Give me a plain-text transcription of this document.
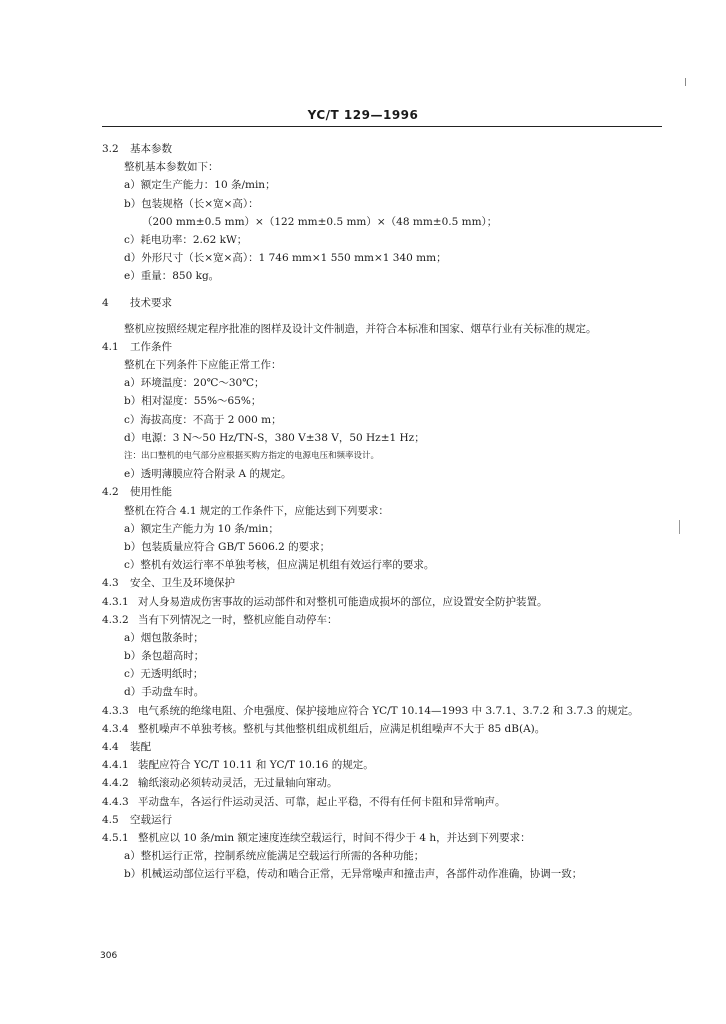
YC/T 129—1996
3.2 基本参数
整机基本参数如下：
a）额定生产能力：10 条/min；
b）包装规格（长×宽×高）：
（200 mm±0.5 mm）×（122 mm±0.5 mm）×（48 mm±0.5 mm）；
c）耗电功率：2.62 kW；
d）外形尺寸（长×宽×高）：1 746 mm×1 550 mm×1 340 mm；
e）重量：850 kg。
4 技术要求
整机应按照经规定程序批准的图样及设计文件制造，并符合本标准和国家、烟草行业有关标准的规定。
4.1 工作条件
整机在下列条件下应能正常工作：
a）环境温度：20℃～30℃；
b）相对湿度：55%～65%；
c）海拔高度：不高于 2 000 m；
d）电源：3 N～50 Hz/TN-S，380 V±38 V，50 Hz±1 Hz；
注：出口整机的电气部分应根据买购方指定的电源电压和频率设计。
e）透明薄膜应符合附录 A 的规定。
4.2 使用性能
整机在符合 4.1 规定的工作条件下，应能达到下列要求：
a）额定生产能力为 10 条/min；
b）包装质量应符合 GB/T 5606.2 的要求；
c）整机有效运行率不单独考核，但应满足机组有效运行率的要求。
4.3 安全、卫生及环境保护
4.3.1 对人身易造成伤害事故的运动部件和对整机可能造成损坏的部位，应设置安全防护装置。
4.3.2 当有下列情况之一时，整机应能自动停车：
a）烟包散条时；
b）条包超高时；
c）无透明纸时；
d）手动盘车时。
4.3.3 电气系统的绝缘电阻、介电强度、保护接地应符合 YC/T 10.14—1993 中 3.7.1、3.7.2 和 3.7.3 的规定。
4.3.4 整机噪声不单独考核。整机与其他整机组成机组后，应满足机组噪声不大于 85 dB(A)。
4.4 装配
4.4.1 装配应符合 YC/T 10.11 和 YC/T 10.16 的规定。
4.4.2 输纸滚动必须转动灵活，无过量轴向窜动。
4.4.3 平动盘车，各运行件运动灵活、可靠，起止平稳，不得有任何卡阻和异常响声。
4.5 空载运行
4.5.1 整机应以 10 条/min 额定速度连续空载运行，时间不得少于 4 h，并达到下列要求：
a）整机运行正常，控制系统应能满足空载运行所需的各种功能；
b）机械运动部位运行平稳，传动和啮合正常，无异常噪声和撞击声，各部件动作准确，协调一致；
306
